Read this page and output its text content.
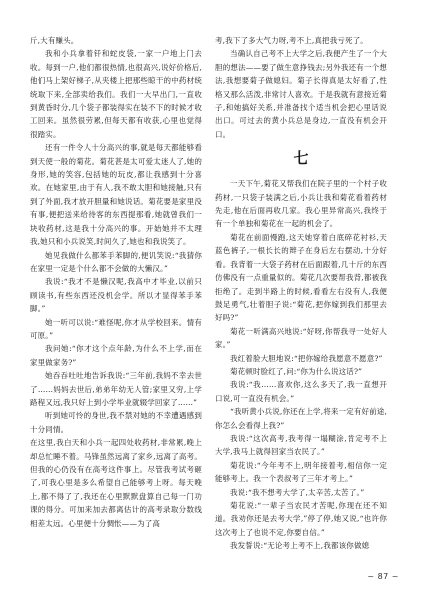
斤,大有赚头。

我和小兵拿着钎和蛇皮袋,一家一户地上门去收。每到一户,他们都很热情,也很高兴,说好价格后,他们马上架好梯子,从夹楼上把那些晾干的中药材统统取下来,全部卖给我们。我们一大早出门,一直收到黄昏时分,几个袋子都装得实在装不下的时候才收工回来。虽然很劳累,但每天都有收获,心里也觉得很踏实。

还有一件令人十分高兴的事,就是每天都能够看到天使一般的菊花。菊花甚是太可爱太迷人了,她的身形,她的笑容,包括她的玩皮,都让我感到十分喜欢。在她家里,由于有人,我不敢太胆和她接触,只有到了外面,我才放开胆量和她说话。菊花要是家里没有事,便把送来给待客的东西提那看,她就曾我们一块收药材,这是我十分高兴的事。开始她并不太理我,她只和小兵说笑,时间久了,她也和我说笑了。

她见我做什么都苯手苯脚的,便讥笑说:“我猜你在家里一定是个什么都不会做的大懒汉。”

我说:“我才不是懒汉呢,我高中才毕业,以前只顾读书,有些东西还没机会学。所以才显得苯手苯脚。”

她一听可以说:“难怪呢,你才从学校回来。情有可原。”

我问她:“你才这个点年龄,为什么不上学,而在家里做家务?”

她吞吞吐吐地告诉我说:“三年前,我妈不幸去世了……妈妈去世后,弟弟年幼无人管;家里又穷,上学路程又远,我只好上到小学毕业就辍学回家了……”

听到她可怜的身世,我不禁对她的不幸遭遇感到十分同情。

在这里,我白天和小兵一起四处收药材,非常累,晚上却总忙睡不着。马锋虽然远离了家乡,远离了高考。但我的心仍没有在高考这件事上。尽管我考试考砸了,可我心里是多么希望自己能够考上呀。每天晚上,都不得了了,我还在心里默默盘算自己每一门功课的得分。可加来加去都离估计的高考录取分数线相差太远。心里便十分惆怅——为了高

考,我下了多大气力呀,考不上,真把我亏死了。

当确认自己考不上大学之后,我便产生了一个大胆的想法——要了做生意挣钱去;另外我还有一个想法,我想要菊子做媳妇。菊子长得真是太好看了,性格又那么活泼,非常讨人喜欢。于是我就有意接近菊子,和她搞好关系,并准备找个适当机会把心里话说出口。可过去的黄小兵总是身边,一直没有机会开口。

七

一天下午,菊花又帮我们在院子里的一个村子收药材,一只袋子装满之后,小兵让我和菊花看着药材先走,他在后面再收几家。我心里异常高兴,我终于有一个单独和菊花在一起的机会了。

菊花在前面慢跑,这天她穿着白底碎花衬衫,天蓝色裤子,一根长长的辫子在身后左右摆动,十分好看。我背着一大袋子药材在后面跟着,几十斤的东西仿佛没有一点重量似的。菊花几次要帮我背,都被我拒绝了。走到半路上的时候,看看左右没有人,我便鼓足勇气,壮着胆子说:“菊花,把你嫁到我们那里去好吗?”

菊花一听满高兴地说:“好呀,你帮我寻一处好人家。”

我红着脸大胆地说:“把你嫁给我愿意不愿意?”

菊花顿时脸红了,问:“你为什么说这话?”

我说:“我……喜欢你,这么多天了,我一直想开口说,可一直没有机会。”

“我听黄小兵说,你还在上学,将来一定有好前途,你怎么会看得上我?”

我说:“这次高考,我考得一塌糊涂,肯定考不上大学,我马上就得回家当农民了。”

菊花说:“今年考不上,明年接着考,相信你一定能够考上。我一个表叔考了三年才考上。”

我说:“我不想考大学了,太辛苦,太苦了。”

菊花说:“一辈子当农民才苦呢,你现在还不知道。我劝你还是去考大学,”停了停,她又说,“也许你这次考上了也说不定,你要自信。”

我发誓说:“无论考上考不上,我都该你做媳

~ 87 ~
